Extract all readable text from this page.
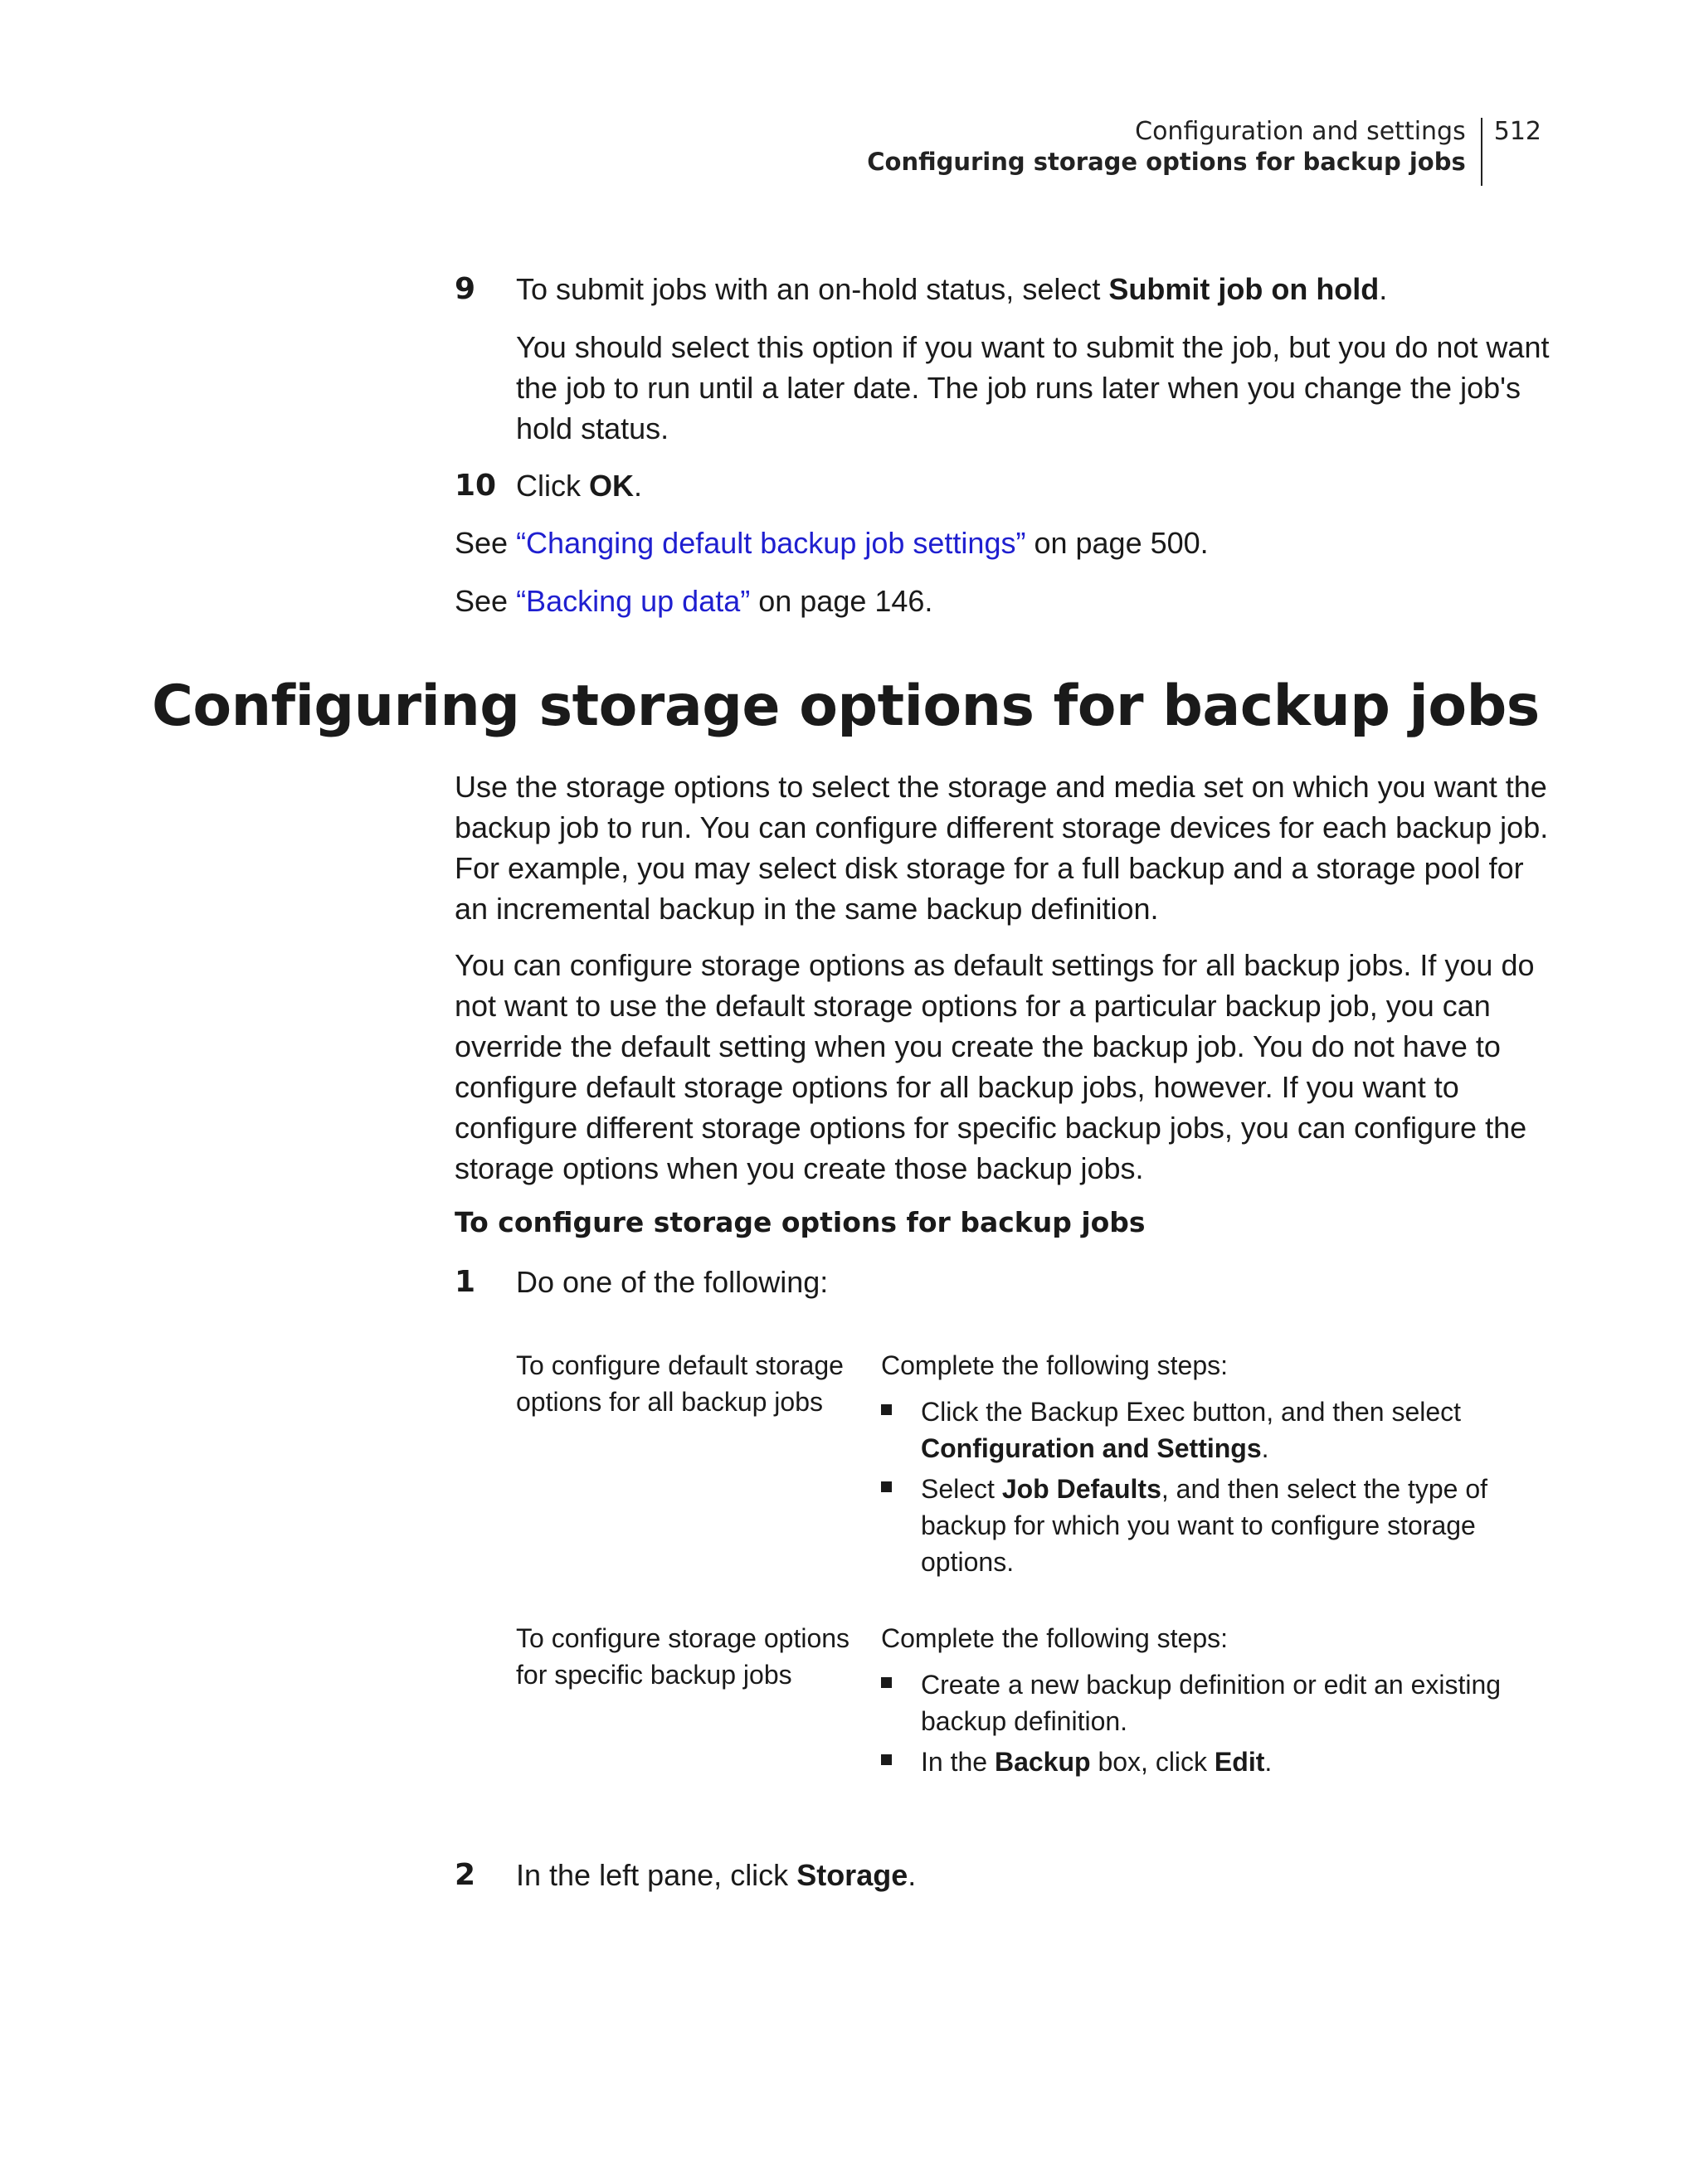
Configuration and settings
Configuring storage options for backup jobs
512
9 To submit jobs with an on-hold status, select Submit job on hold.
You should select this option if you want to submit the job, but you do not want the job to run until a later date. The job runs later when you change the job's hold status.
10 Click OK.
See “Changing default backup job settings” on page 500.
See “Backing up data” on page 146.
Configuring storage options for backup jobs

Use the storage options to select the storage and media set on which you want the backup job to run. You can configure different storage devices for each backup job. For example, you may select disk storage for a full backup and a storage pool for an incremental backup in the same backup definition.

You can configure storage options as default settings for all backup jobs. If you do not want to use the default storage options for a particular backup job, you can override the default setting when you create the backup job. You do not have to configure default storage options for all backup jobs, however. If you want to configure different storage options for specific backup jobs, you can configure the storage options when you create those backup jobs.

To configure storage options for backup jobs
1 Do one of the following:
To configure default storage options for all backup jobs
Complete the following steps:
Click the Backup Exec button, and then select Configuration and Settings.
Select Job Defaults, and then select the type of backup for which you want to configure storage options.
To configure storage options for specific backup jobs
Complete the following steps:
Create a new backup definition or edit an existing backup definition.
In the Backup box, click Edit.
2 In the left pane, click Storage.
